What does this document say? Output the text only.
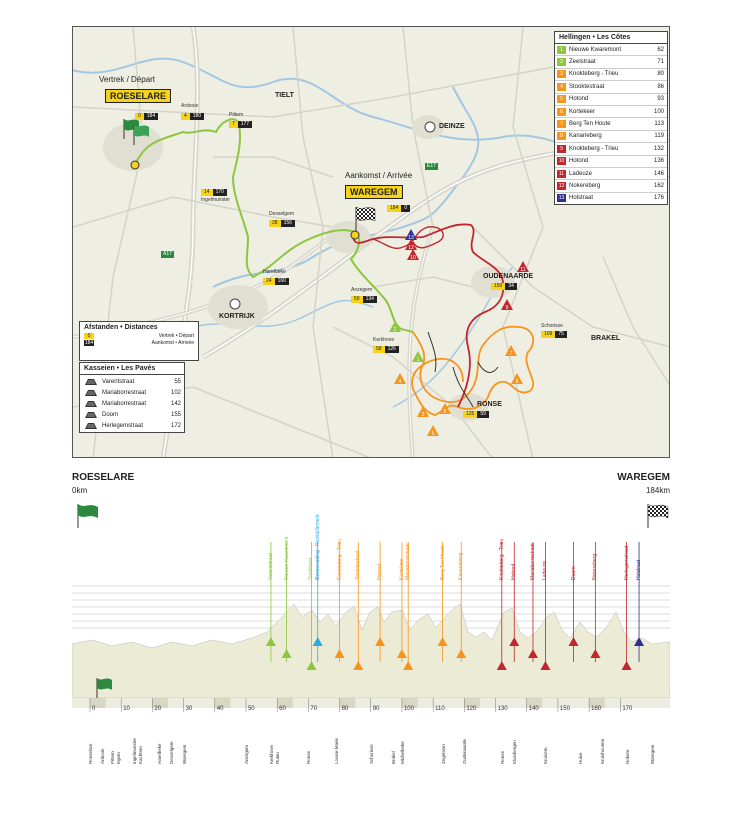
Vertrek / Départ
ROESELARE
Aankomst / Arrivée
WAREGEM
TIELT
DEINZE
KORTRIJK
OUDENAARDE
RONSE
BRAKEL
Ardooie
Pittem
Ingelmunster
Desselgem
Harelbeke
Anzegem
Kerkhove
Schorisse
0	184	4	180
7	177
14	170
28	156
24	160
50	134
58	126
184	0
150	34
109	75
125	59
A17
E17
1
2
3
4
5
6
7
8
9
10
11
12
13
Hellingen • Les Côtes
1	Nieuwe Kwaremont	62
2	Zeelstraat	71
3	Knokteberg - Trieu	80
4	Stooktestraat	86
5	Hotond	93
6	Kortekeer	100
7	Berg Ten Houte	113
8	Kanarieberg	119
9	Knokteberg - Trieu	132
10 Hotond	136
11 Ladeuze	146
12 Nokereberg	162
13 Holstraat	176
Afstanden • Distances
0	Vertrek • Départ
184	Aankomst • Arrivée
Kasseien • Les Pavés
Varentstraat	55
Mariaborrestraat	102
Mariaborrestraat	142
Doorn	155
Herlegemstraat	172
ROESELARE
0km
WAREGEM
184km
0	10	20	30	40	50	60	70	80	90	100	110	120	130	140	150	160	170
Varentstraat Nieuwe Kwaremont	Zeelstraat Bevoorrading - Ravitaillement	Knokteberg - Trieu	Stooktestraat	Hotond	Kortekeer Mariaborrestraat	Berg Ten Houte	Kanarieberg	Knokteberg - Trieu Hotond	Mariaborrestraat Ladeuze	Doorn	Nokereberg	Herlegemstraat Holstraat
Roeselare Ardooie Pittem Egem Ingelmunster Kachtem	Harelbeke Desselgem Waregem	Anzegem	Kerkhove Ruien	Ronse	Louise-Marie	Schorisse	Brakel Michelbeke	Zegelsem	Oudenaarde	Ronse Kluisbergen	Kruisem	Huise	Kruishoutem	Nokere	Waregem
